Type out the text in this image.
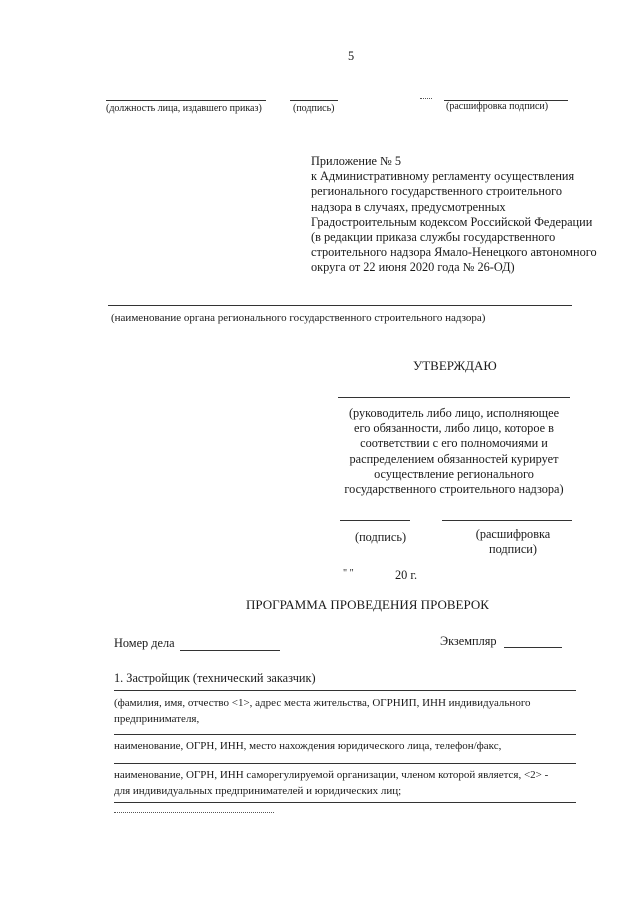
5
(должность лица, издавшего приказ)	(подпись)	(расшифровка подписи)
Приложение № 5
к Административному регламенту осуществления
регионального государственного строительного
надзора в случаях, предусмотренных
Градостроительным кодексом Российской Федерации
(в редакции приказа службы государственного
строительного надзора Ямало-Ненецкого автономного
округа от 22 июня 2020 года № 26-ОД)
(наименование органа регионального государственного строительного надзора)
УТВЕРЖДАЮ
(руководитель либо лицо, исполняющее
его обязанности, либо лицо, которое в
соответствии с его полномочиями и
распределением обязанностей курирует
осуществление регионального
государственного строительного надзора)
(подпись)	(расшифровка
подписи)
" "	20 г.
ПРОГРАММА ПРОВЕДЕНИЯ ПРОВЕРОК
Номер дела	Экземпляр
1. Застройщик (технический заказчик)
(фамилия, имя, отчество <1>, адрес места жительства, ОГРНИП, ИНН индивидуального
предпринимателя,
наименование, ОГРН, ИНН, место нахождения юридического лица, телефон/факс,
наименование, ОГРН, ИНН саморегулируемой организации, членом которой является, <2> -
для индивидуальных предпринимателей и юридических лиц;
